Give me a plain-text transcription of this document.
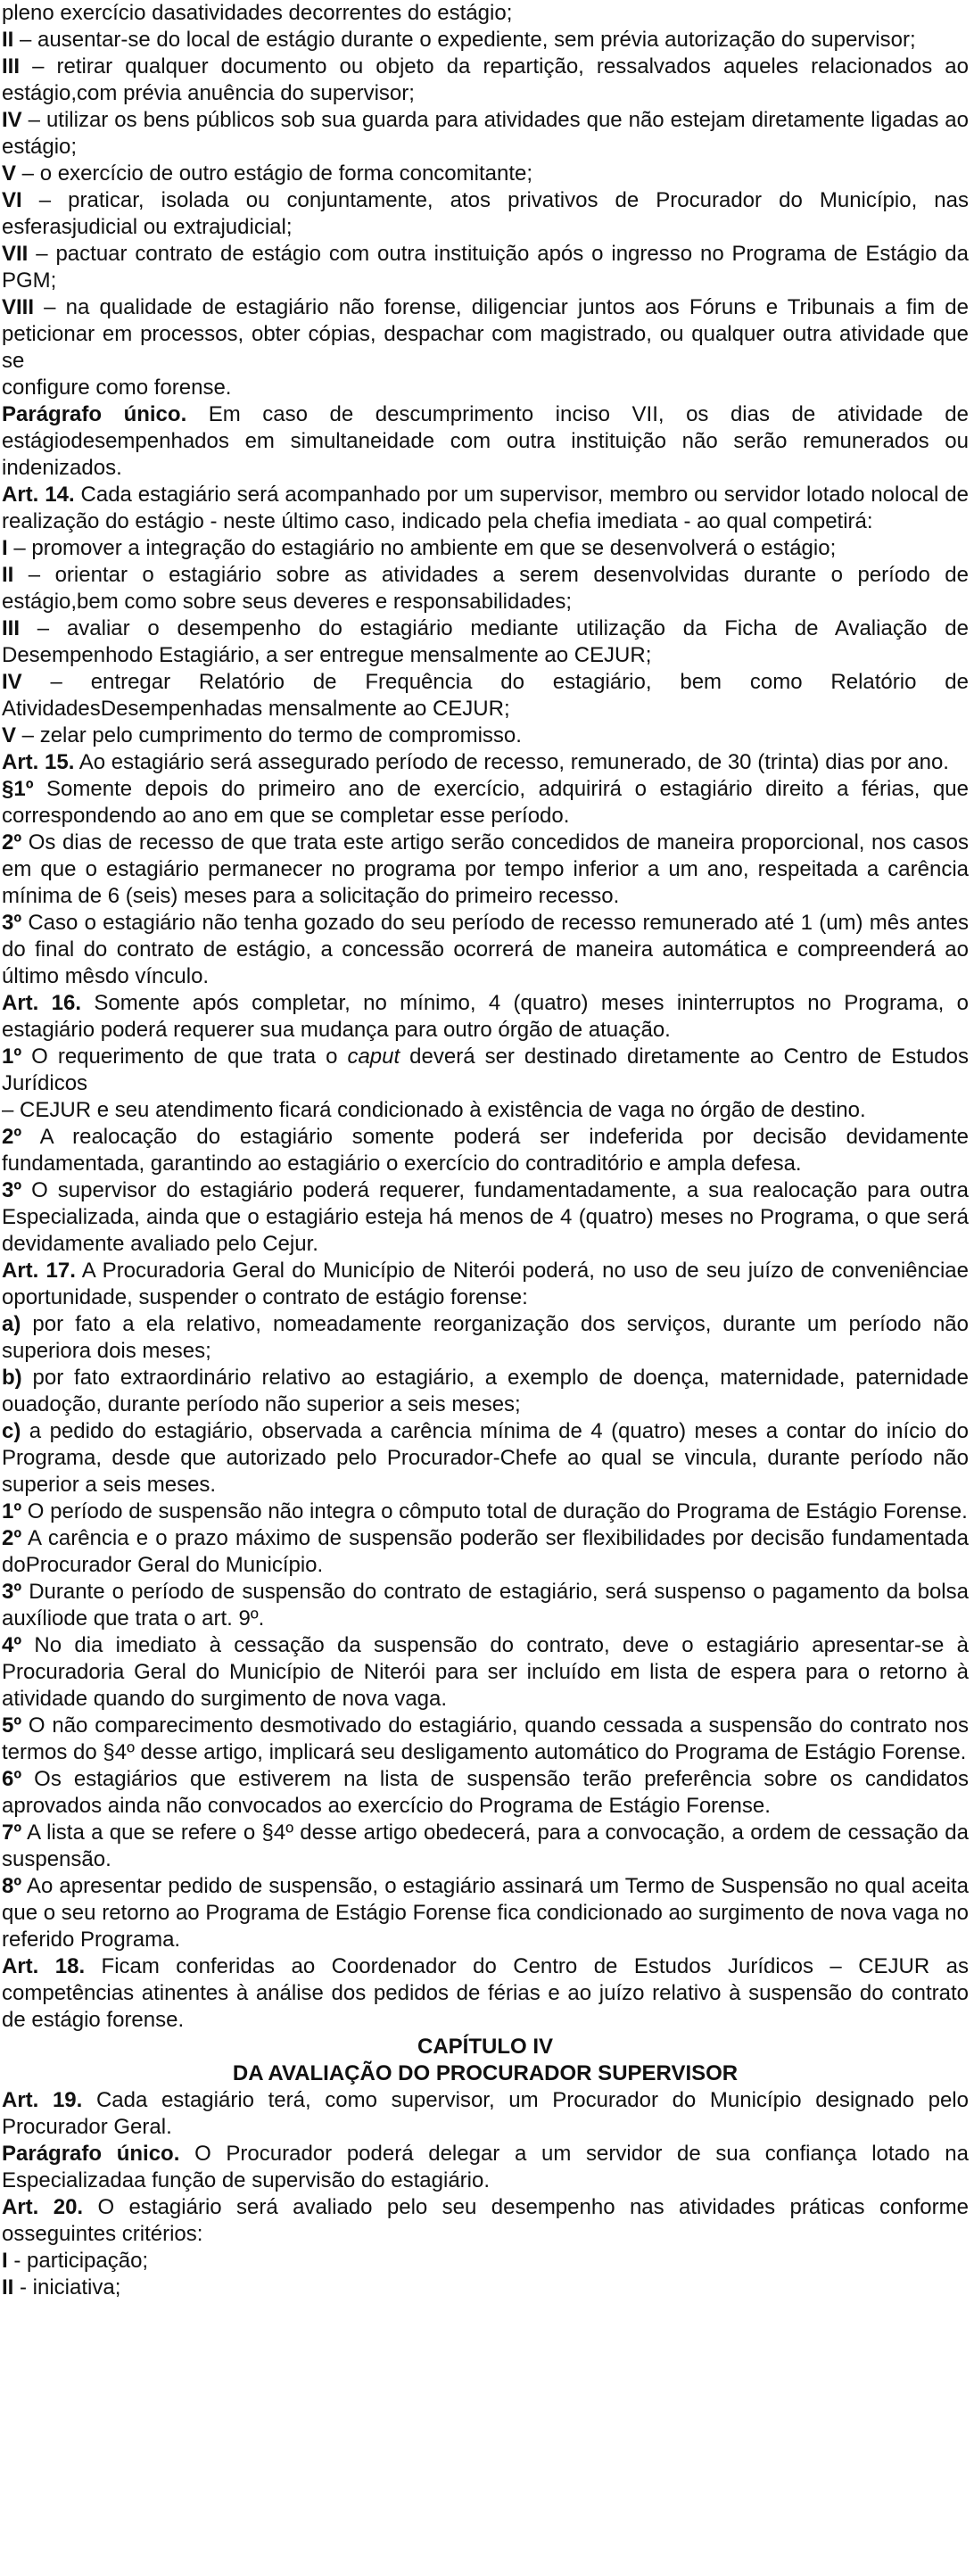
pleno exercício dasatividades decorrentes do estágio;

II – ausentar-se do local de estágio durante o expediente, sem prévia autorização do supervisor;

III – retirar qualquer documento ou objeto da repartição, ressalvados aqueles relacionados ao estágio,com prévia anuência do supervisor;

IV – utilizar os bens públicos sob sua guarda para atividades que não estejam diretamente ligadas ao estágio;

V – o exercício de outro estágio de forma concomitante;

VI – praticar, isolada ou conjuntamente, atos privativos de Procurador do Município, nas esferasjudicial ou extrajudicial;

VII – pactuar contrato de estágio com outra instituição após o ingresso no Programa de Estágio da PGM;

VIII – na qualidade de estagiário não forense, diligenciar juntos aos Fóruns e Tribunais a fim de peticionar em processos, obter cópias, despachar com magistrado, ou qualquer outra atividade que se

configure como forense.

Parágrafo único. Em caso de descumprimento inciso VII, os dias de atividade de estágiodesempenhados em simultaneidade com outra instituição não serão remunerados ou indenizados.

Art. 14. Cada estagiário será acompanhado por um supervisor, membro ou servidor lotado nolocal de realização do estágio - neste último caso, indicado pela chefia imediata - ao qual competirá:

I – promover a integração do estagiário no ambiente em que se desenvolverá o estágio;

II – orientar o estagiário sobre as atividades a serem desenvolvidas durante o período de estágio,bem como sobre seus deveres e responsabilidades;

III – avaliar o desempenho do estagiário mediante utilização da Ficha de Avaliação de Desempenhodo Estagiário, a ser entregue mensalmente ao CEJUR;

IV – entregar Relatório de Frequência do estagiário, bem como Relatório de AtividadesDesempenhadas mensalmente ao CEJUR;

V – zelar pelo cumprimento do termo de compromisso.

Art. 15. Ao estagiário será assegurado período de recesso, remunerado, de 30 (trinta) dias por ano.

§1º Somente depois do primeiro ano de exercício, adquirirá o estagiário direito a férias, que correspondendo ao ano em que se completar esse período.

2º Os dias de recesso de que trata este artigo serão concedidos de maneira proporcional, nos casos em que o estagiário permanecer no programa por tempo inferior a um ano, respeitada a carência mínima de 6 (seis) meses para a solicitação do primeiro recesso.

3º Caso o estagiário não tenha gozado do seu período de recesso remunerado até 1 (um) mês antes do final do contrato de estágio, a concessão ocorrerá de maneira automática e compreenderá ao último mêsdo vínculo.

Art. 16. Somente após completar, no mínimo, 4 (quatro) meses ininterruptos no Programa, o estagiário poderá requerer sua mudança para outro órgão de atuação.

1º O requerimento de que trata o caput deverá ser destinado diretamente ao Centro de Estudos Jurídicos

– CEJUR e seu atendimento ficará condicionado à existência de vaga no órgão de destino.

2º A realocação do estagiário somente poderá ser indeferida por decisão devidamente fundamentada, garantindo ao estagiário o exercício do contraditório e ampla defesa.

3º O supervisor do estagiário poderá requerer, fundamentadamente, a sua realocação para outra Especializada, ainda que o estagiário esteja há menos de 4 (quatro) meses no Programa, o que será devidamente avaliado pelo Cejur.

Art. 17. A Procuradoria Geral do Município de Niterói poderá, no uso de seu juízo de conveniênciae oportunidade, suspender o contrato de estágio forense:

a) por fato a ela relativo, nomeadamente reorganização dos serviços, durante um período não superiora dois meses;

b) por fato extraordinário relativo ao estagiário, a exemplo de doença, maternidade, paternidade ouadoção, durante período não superior a seis meses;

c) a pedido do estagiário, observada a carência mínima de 4 (quatro) meses a contar do início do Programa, desde que autorizado pelo Procurador-Chefe ao qual se vincula, durante período não superior a seis meses.

1º O período de suspensão não integra o cômputo total de duração do Programa de Estágio Forense.

2º A carência e o prazo máximo de suspensão poderão ser flexibilidades por decisão fundamentada doProcurador Geral do Município.

3º Durante o período de suspensão do contrato de estagiário, será suspenso o pagamento da bolsa auxíliode que trata o art. 9º.

4º No dia imediato à cessação da suspensão do contrato, deve o estagiário apresentar-se à Procuradoria Geral do Município de Niterói para ser incluído em lista de espera para o retorno à atividade quando do surgimento de nova vaga.

5º O não comparecimento desmotivado do estagiário, quando cessada a suspensão do contrato nos termos do §4º desse artigo, implicará seu desligamento automático do Programa de Estágio Forense.

6º Os estagiários que estiverem na lista de suspensão terão preferência sobre os candidatos aprovados ainda não convocados ao exercício do Programa de Estágio Forense.

7º A lista a que se refere o §4º desse artigo obedecerá, para a convocação, a ordem de cessação da suspensão.

8º Ao apresentar pedido de suspensão, o estagiário assinará um Termo de Suspensão no qual aceita que o seu retorno ao Programa de Estágio Forense fica condicionado ao surgimento de nova vaga no referido Programa.

Art. 18. Ficam conferidas ao Coordenador do Centro de Estudos Jurídicos – CEJUR as competências atinentes à análise dos pedidos de férias e ao juízo relativo à suspensão do contrato de estágio forense.

CAPÍTULO IV

DA AVALIAÇÃO DO PROCURADOR SUPERVISOR

Art. 19. Cada estagiário terá, como supervisor, um Procurador do Município designado pelo Procurador Geral.

Parágrafo único. O Procurador poderá delegar a um servidor de sua confiança lotado na Especializadaa função de supervisão do estagiário.

Art. 20. O estagiário será avaliado pelo seu desempenho nas atividades práticas conforme osseguintes critérios:

I - participação;

II - iniciativa;
